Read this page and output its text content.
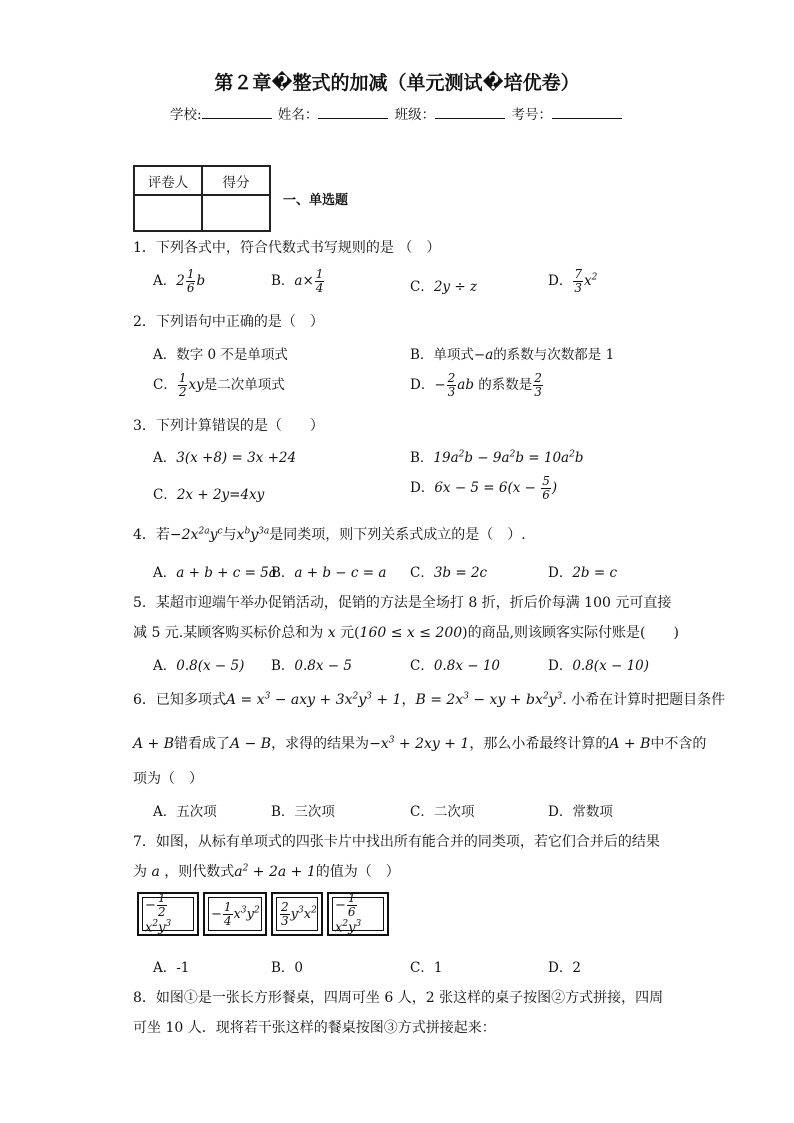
第２章�整式的加减（单元测试�培优卷）
学校:	姓名：	班级：	考号：
评卷人	得分

一、单选题
1．下列各式中，符合代数式书写规则的是 （　）
A．$2 \frac{1}{6}$ b	B．$a\times \frac{1}{4}$	C．2y ÷ z	D． $\frac{7}{3} x^2$
2．下列语句中正确的是（　）
A．数字 0 不是单项式	B．单项式−a的系数与次数都是 1
C． $\frac{1}{2}$ xy是二次单项式	D．− $\frac{2}{3}$ ab 的系数是 $\frac{2}{3}$
3．下列计算错误的是（　　）
A．3(x +8) = 3x +24	B．$19a^2b - 9a^2b = 10a^2b$
C．2x + 2y=4xy	D．$6x - 5 = 6(x - \frac{5}{6}$ )
4．若$-2x^{2a}y^c$与$x^by^{3a}$是同类项，则下列关系式成立的是（　）.
A．a + b + c = 5a
B．a + b − c = a C．3b = 2c	D．2b = c
5．某超市迎端午举办促销活动，促销的方法是全场打 8 折，折后价每满 100 元可直接
减 5 元.某顾客购买标价总和为 x 元(160 ≤ x ≤ 200)的商品,则该顾客实际付账是(　　)
A．0.8(x − 5) B．0.8x − 5	C．0.8x − 10	D．0.8(x − 10)
6．已知多项式$A = x^3$ − axy + $3x^2y^3 + 1$，$B = 2x^3$ − xy + $bx^2y^3$. 小希在计算时把题目条件
A + B错看成了A − B，求得的结果为$-x^3 + 2xy + 1$，那么小希最终计算的A + B中不含的
项为（　）
A．五次项	B．三次项	C．二次项	D．常数项
7．如图，从标有单项式的四张卡片中找出所有能合并的同类项，若它们合并后的结果
为 a ，则代数式$a^2 + 2a + 1$的值为（　）
− $\frac{1}{2}$
$x^2y^3$
− $\frac{1}{4} x^3y^2 \frac{2}{3} y^3x^2 - \frac{1}{6}$
$x^2y^3$
A．-1	B．0	C．1	D．2
8．如图①是一张长方形餐桌，四周可坐 6 人，2 张这样的桌子按图②方式拼接，四周
可坐 10 人．现将若干张这样的餐桌按图③方式拼接起来：
